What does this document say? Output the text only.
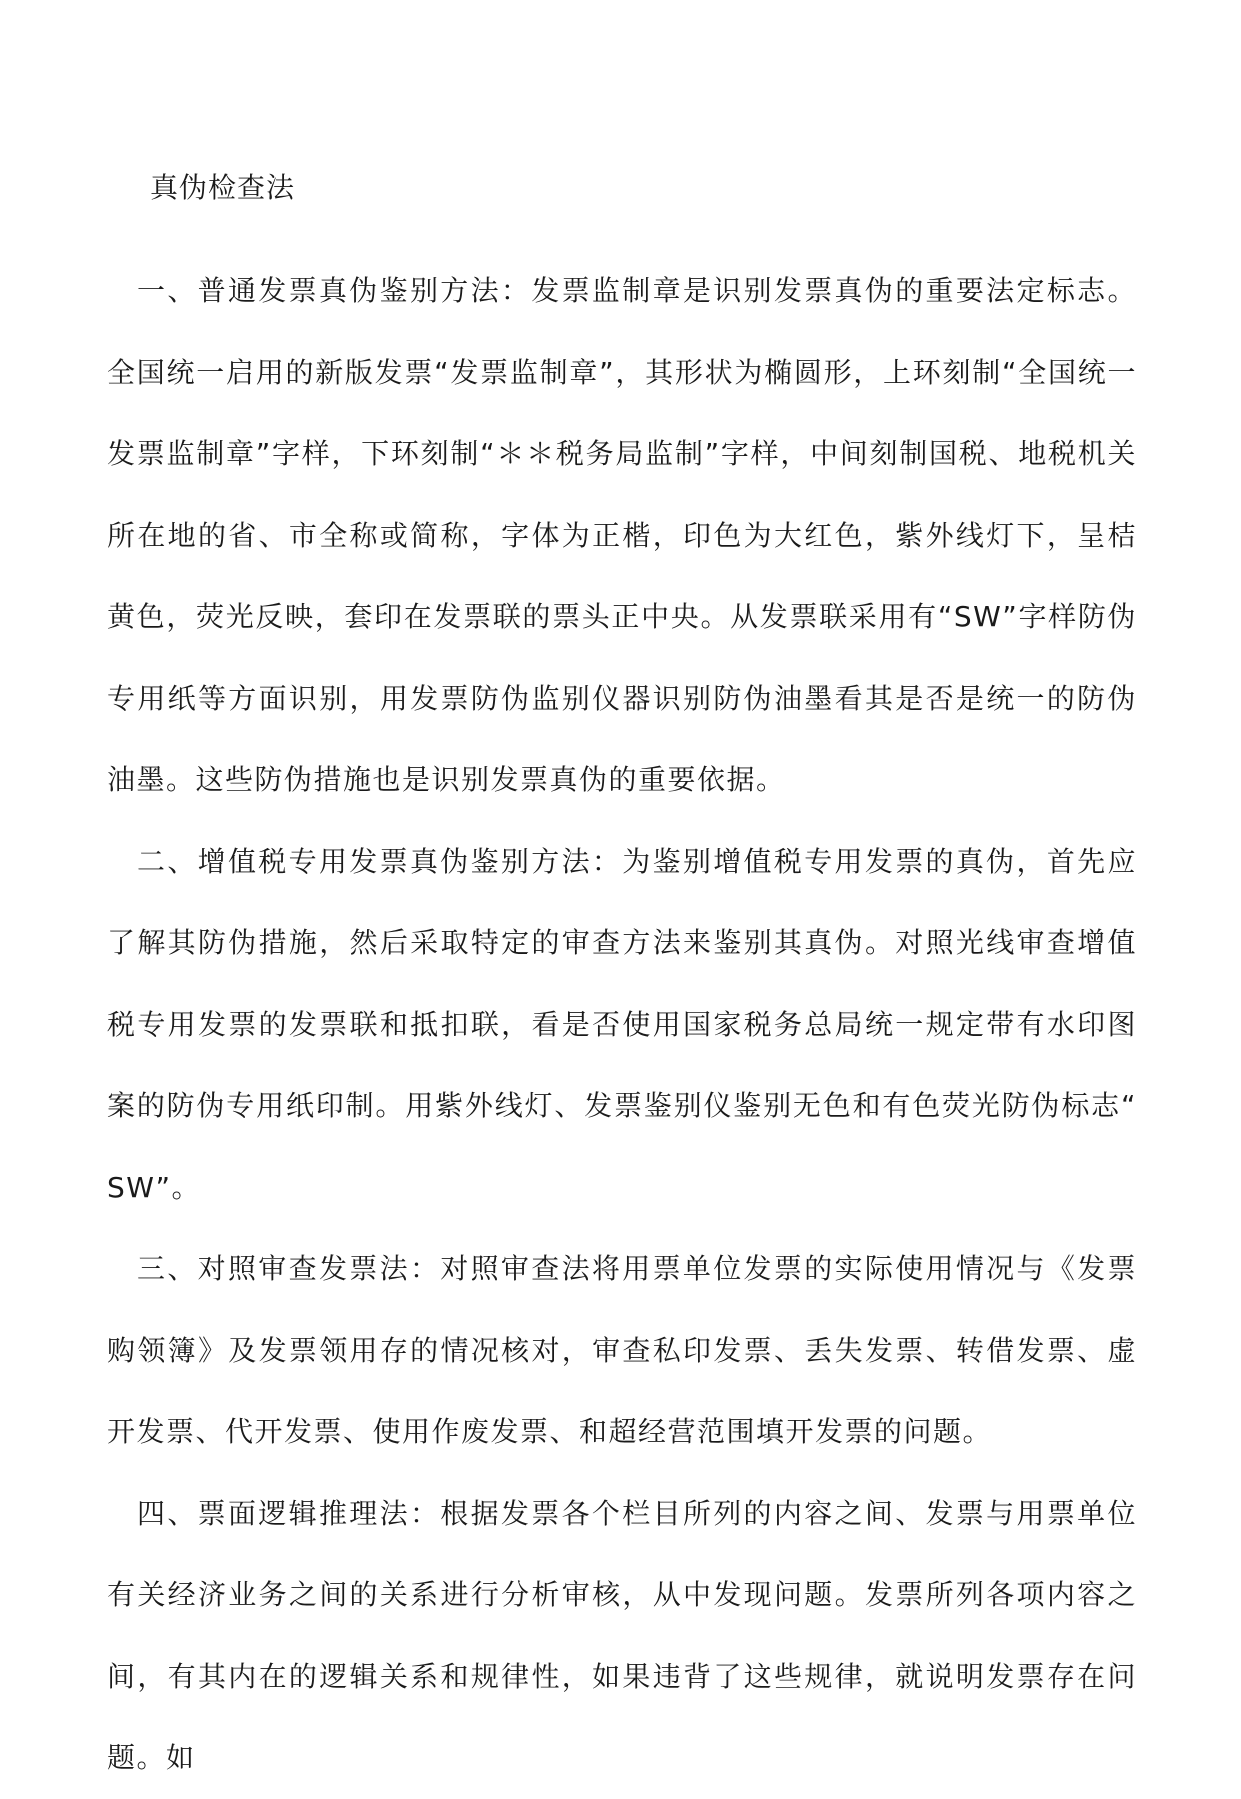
真伪检查法

一、普通发票真伪鉴别方法：发票监制章是识别发票真伪的重要法定标志。全国统一启用的新版发票“发票监制章”，其形状为椭圆形，上环刻制“全国统一发票监制章”字样，下环刻制“＊＊税务局监制”字样，中间刻制国税、地税机关所在地的省、市全称或简称，字体为正楷，印色为大红色，紫外线灯下，呈桔黄色，荧光反映，套印在发票联的票头正中央。从发票联采用有“SW”字样防伪专用纸等方面识别，用发票防伪监别仪器识别防伪油墨看其是否是统一的防伪油墨。这些防伪措施也是识别发票真伪的重要依据。

二、增值税专用发票真伪鉴别方法：为鉴别增值税专用发票的真伪，首先应了解其防伪措施，然后采取特定的审查方法来鉴别其真伪。对照光线审查增值税专用发票的发票联和抵扣联，看是否使用国家税务总局统一规定带有水印图案的防伪专用纸印制。用紫外线灯、发票鉴别仪鉴别无色和有色荧光防伪标志“SW”。

三、对照审查发票法：对照审查法将用票单位发票的实际使用情况与《发票购领簿》及发票领用存的情况核对，审查私印发票、丢失发票、转借发票、虚开发票、代开发票、使用作废发票、和超经营范围填开发票的问题。

四、票面逻辑推理法：根据发票各个栏目所列的内容之间、发票与用票单位有关经济业务之间的关系进行分析审核，从中发现问题。发票所列各项内容之间，有其内在的逻辑关系和规律性，如果违背了这些规律，就说明发票存在问题。如
